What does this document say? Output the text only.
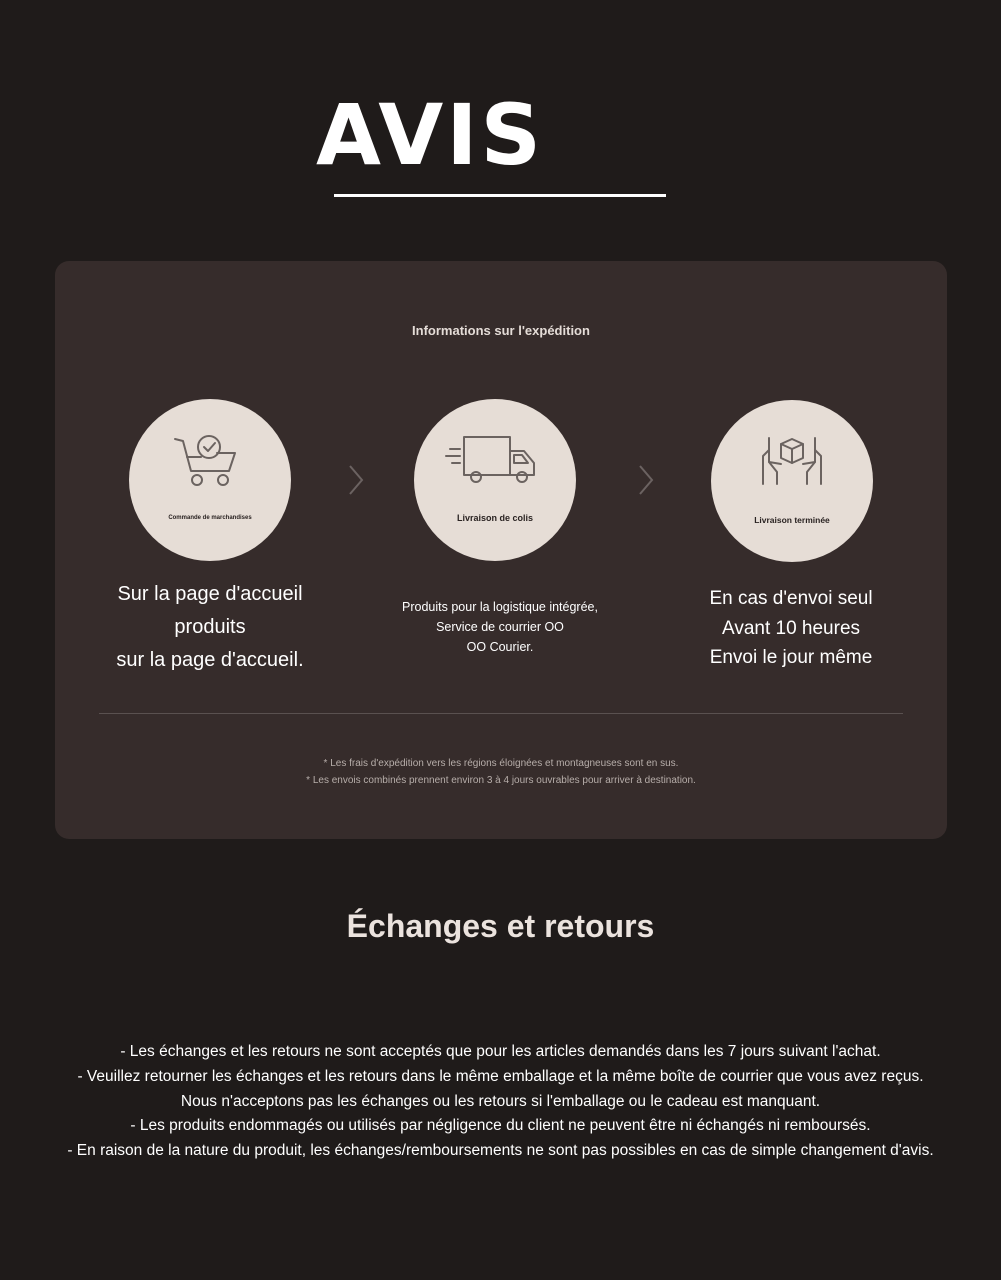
AVIS
Informations sur l'expédition
Commande de marchandises	Livraison de colis	Livraison terminée
Sur la page d'accueil
produits
sur la page d'accueil.
Produits pour la logistique intégrée,
Service de courrier OO
OO Courier.
En cas d'envoi seul
Avant 10 heures
Envoi le jour même
* Les frais d'expédition vers les régions éloignées et montagneuses sont en sus.
* Les envois combinés prennent environ 3 à 4 jours ouvrables pour arriver à destination.
Échanges et retours
- Les échanges et les retours ne sont acceptés que pour les articles demandés dans les 7 jours suivant l'achat.
- Veuillez retourner les échanges et les retours dans le même emballage et la même boîte de courrier que vous avez reçus.
Nous n'acceptons pas les échanges ou les retours si l'emballage ou le cadeau est manquant.
- Les produits endommagés ou utilisés par négligence du client ne peuvent être ni échangés ni remboursés.
- En raison de la nature du produit, les échanges/remboursements ne sont pas possibles en cas de simple changement d'avis.
